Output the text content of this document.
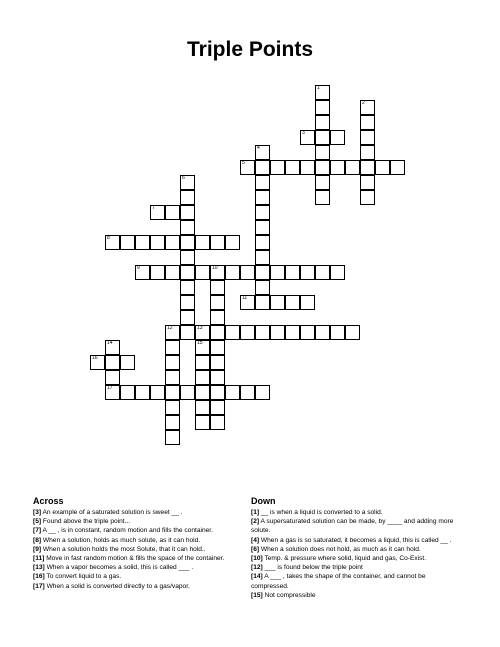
Triple Points
1
2
3
4
5
6
7
8
9	10
11
12	13
14
17
15
16
Across
[3] An example of a saturated solution is sweet __ .
[5] Found above the triple point...
[7] A __ , is in constant, random motion and fills the container.
[8] When a solution, holds as much solute, as it can hold.
[9] When a solution holds the most Solute, that it can hold..
[11] Move in fast random motion & fills the space of the container.
[13] When a vapor becomes a solid, this is called ___ .
[16] To convert liquid to a gas.
[17] When a solid is converted directly to a gas/vapor.
Down
[1] __ is when a liquid is converted to a solid.
[2] A supersaturated solution can be made, by ____ and adding more solute.
[4] When a gas is so saturated, it becomes a liquid, this is called __ .
[6] When a solution does not hold, as much as it can hold.
[10] Temp. & pressure where solid, liquid and gas, Co-Exist.
[12] ___ is found below the triple point
[14] A ___ , takes the shape of the container, and cannot be compressed.
[15] Not compressible
